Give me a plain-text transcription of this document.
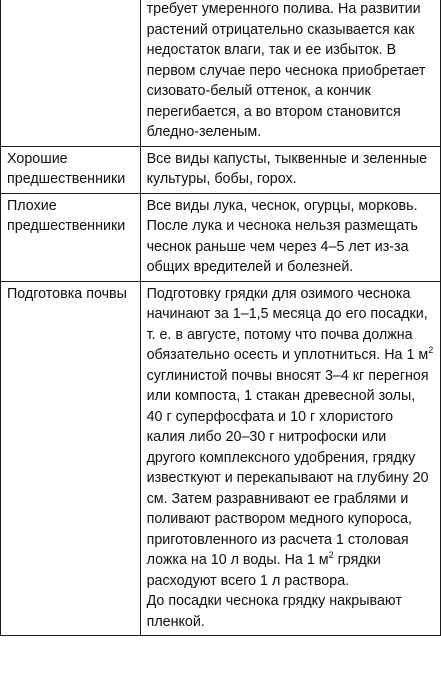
	требует умеренного полива. На развитии растений отрицательно сказывается как недостаток влаги, так и ее избыток. В первом случае перо чеснока приобретает сизовато-белый оттенок, а кончик перегибается, а во втором становится бледно-зеленым.
Хорошие предшественники	Все виды капусты, тыквенные и зеленные культуры, бобы, горох.
Плохие предшественники	Все виды лука, чеснок, огурцы, морковь. После лука и чеснока нельзя размещать чеснок раньше чем через 4–5 лет из-за общих вредителей и болезней.
Подготовка почвы	Подготовку грядки для озимого чеснока начинают за 1–1,5 месяца до его посадки, т. е. в августе, потому что почва должна обязательно осесть и уплотниться. На 1 $м^2$ суглинистой почвы вносят 3–4 кг перегнoя или компоста, 1 стакан древесной золы, 40 г суперфосфата и 10 г хлористого калия либо 20–30 г нитрофоски или другого комплексного удобрения, грядку известкуют и перекапывают на глубину 20 см. Затем разравнивают ее граблями и поливают раствором медного купороса, приготовленного из расчета 1 столовая ложка на 10 л воды. На 1 $м^2$ грядки расходуют всего 1 л раствора.
До посадки чеснока грядку накрывают пленкой.
